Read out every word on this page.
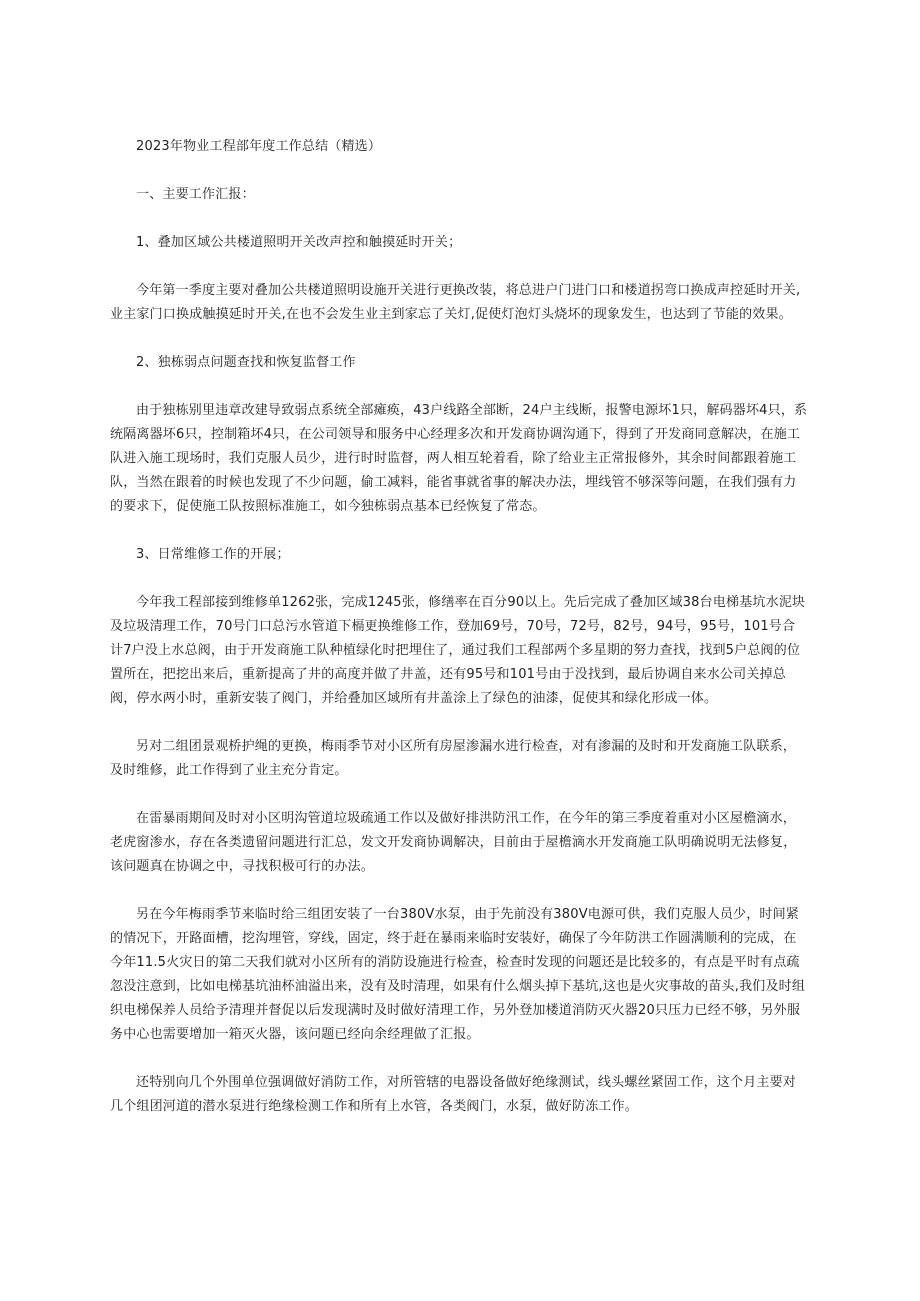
2023年物业工程部年度工作总结（精选）

一、主要工作汇报：

1、叠加区域公共楼道照明开关改声控和触摸延时开关；

今年第一季度主要对叠加公共楼道照明设施开关进行更换改装，将总进户门进门口和楼道拐弯口换成声控延时开关,业主家门口换成触摸延时开关,在也不会发生业主到家忘了关灯,促使灯泡灯头烧坏的现象发生，也达到了节能的效果。

2、独栋弱点问题查找和恢复监督工作

由于独栋别里违章改建导致弱点系统全部瘫痪，43户线路全部断，24户主线断，报警电源坏1只，解码器坏4只，系统隔离器坏6只，控制箱坏4只，在公司领导和服务中心经理多次和开发商协调沟通下，得到了开发商同意解决，在施工队进入施工现场时，我们克服人员少，进行时时监督，两人相互轮着看，除了给业主正常报修外，其余时间都跟着施工队，当然在跟着的时候也发现了不少问题，偷工减料，能省事就省事的解决办法，埋线管不够深等问题，在我们强有力的要求下，促使施工队按照标准施工，如今独栋弱点基本已经恢复了常态。

3、日常维修工作的开展；

今年我工程部接到维修单1262张，完成1245张，修缮率在百分90以上。先后完成了叠加区域38台电梯基坑水泥块及垃圾清理工作，70号门口总污水管道下槅更换维修工作，登加69号，70号，72号，82号，94号，95号，101号合计7户没上水总阀，由于开发商施工队种植绿化时把埋住了，通过我们工程部两个多星期的努力查找，找到5户总阀的位置所在，把挖出来后，重新提高了井的高度并做了井盖，还有95号和101号由于没找到，最后协调自来水公司关掉总阀，停水两小时，重新安装了阀门，并给叠加区域所有井盖涂上了绿色的油漆，促使其和绿化形成一体。

另对二组团景观桥护绳的更换，梅雨季节对小区所有房屋渗漏水进行检查，对有渗漏的及时和开发商施工队联系，及时维修，此工作得到了业主充分肯定。

在雷暴雨期间及时对小区明沟管道垃圾疏通工作以及做好排洪防汛工作，在今年的第三季度着重对小区屋檐滴水，老虎窗渗水，存在各类遗留问题进行汇总，发文开发商协调解决，目前由于屋檐滴水开发商施工队明确说明无法修复，该问题真在协调之中，寻找积极可行的办法。

另在今年梅雨季节来临时给三组团安装了一台380V水泵，由于先前没有380V电源可供，我们克服人员少，时间紧的情况下，开路面槽，挖沟埋管，穿线，固定，终于赶在暴雨来临时安装好，确保了今年防洪工作圆满顺利的完成，在今年11.5火灾日的第二天我们就对小区所有的消防设施进行检查，检查时发现的问题还是比较多的，有点是平时有点疏忽没注意到，比如电梯基坑油杯油溢出来，没有及时清理，如果有什么烟头掉下基坑,这也是火灾事故的苗头,我们及时组织电梯保养人员给予清理并督促以后发现满时及时做好清理工作，另外登加楼道消防灭火器20只压力已经不够，另外服务中心也需要增加一箱灭火器，该问题已经向余经理做了汇报。

还特别向几个外围单位强调做好消防工作，对所管辖的电器设备做好绝缘测试，线头螺丝紧固工作，这个月主要对几个组团河道的潜水泵进行绝缘检测工作和所有上水管，各类阀门，水泵，做好防冻工作。
